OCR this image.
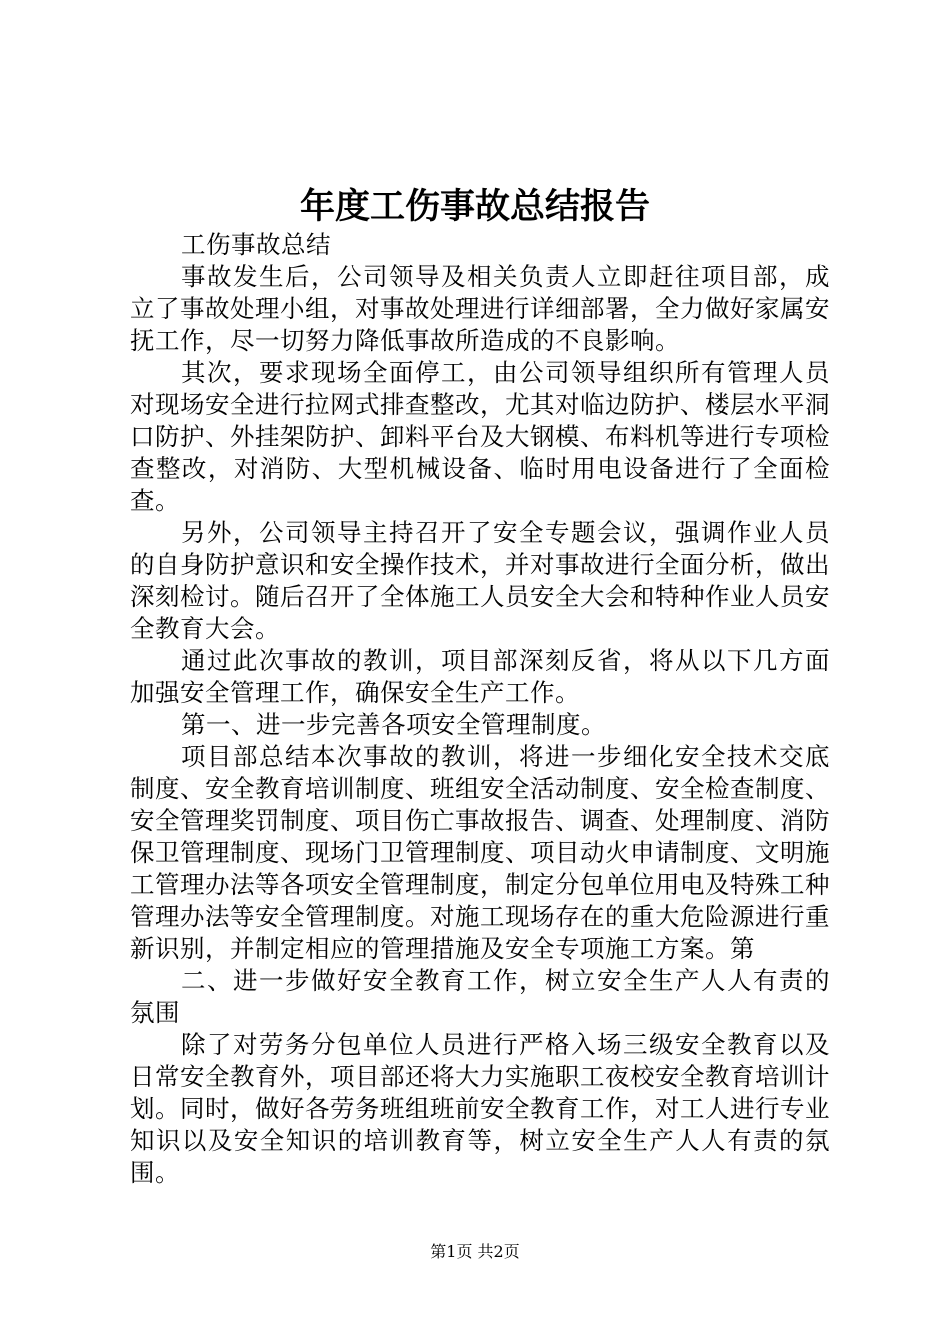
年度工伤事故总结报告

工伤事故总结

事故发生后，公司领导及相关负责人立即赶往项目部，成立了事故处理小组，对事故处理进行详细部署，全力做好家属安抚工作，尽一切努力降低事故所造成的不良影响。

其次，要求现场全面停工，由公司领导组织所有管理人员对现场安全进行拉网式排查整改，尤其对临边防护、楼层水平洞口防护、外挂架防护、卸料平台及大钢模、布料机等进行专项检查整改，对消防、大型机械设备、临时用电设备进行了全面检查。

另外，公司领导主持召开了安全专题会议，强调作业人员的自身防护意识和安全操作技术，并对事故进行全面分析，做出深刻检讨。随后召开了全体施工人员安全大会和特种作业人员安全教育大会。

通过此次事故的教训，项目部深刻反省，将从以下几方面加强安全管理工作，确保安全生产工作。

第一、进一步完善各项安全管理制度。

项目部总结本次事故的教训，将进一步细化安全技术交底制度、安全教育培训制度、班组安全活动制度、安全检查制度、安全管理奖罚制度、项目伤亡事故报告、调查、处理制度、消防保卫管理制度、现场门卫管理制度、项目动火申请制度、文明施工管理办法等各项安全管理制度，制定分包单位用电及特殊工种管理办法等安全管理制度。对施工现场存在的重大危险源进行重新识别，并制定相应的管理措施及安全专项施工方案。第

二、进一步做好安全教育工作，树立安全生产人人有责的氛围

除了对劳务分包单位人员进行严格入场三级安全教育以及日常安全教育外，项目部还将大力实施职工夜校安全教育培训计划。同时，做好各劳务班组班前安全教育工作，对工人进行专业知识以及安全知识的培训教育等，树立安全生产人人有责的氛围。

第1页 共2页
